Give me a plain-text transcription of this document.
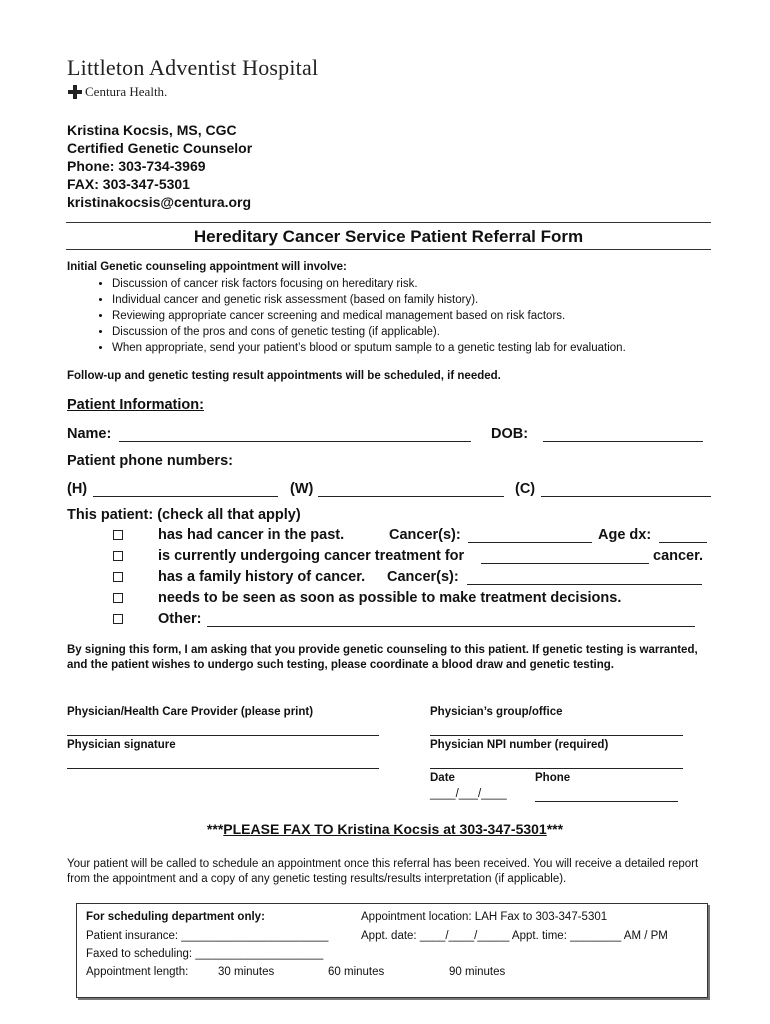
Littleton Adventist Hospital
Centura Health.
Kristina Kocsis, MS, CGC
Certified Genetic Counselor
Phone: 303-734-3969
FAX: 303-347-5301
kristinakocsis@centura.org
Hereditary Cancer Service Patient Referral Form
Initial Genetic counseling appointment will involve:
• Discussion of cancer risk factors focusing on hereditary risk.
• Individual cancer and genetic risk assessment (based on family history).
• Reviewing appropriate cancer screening and medical management based on risk factors.
• Discussion of the pros and cons of genetic testing (if applicable).
• When appropriate, send your patient’s blood or sputum sample to a genetic testing lab for evaluation.
Follow-up and genetic testing result appointments will be scheduled, if needed.
Patient Information:
Name:	DOB:
Patient phone numbers:
(H)	(W)	(C)
This patient: (check all that apply)
has had cancer in the past.	Cancer(s):	Age dx:
is currently undergoing cancer treatment for	cancer.
has a family history of cancer. Cancer(s):
needs to be seen as soon as possible to make treatment decisions.
Other:
By signing this form, I am asking that you provide genetic counseling to this patient. If genetic testing is warranted, and the patient wishes to undergo such testing, please coordinate a blood draw and genetic testing.
Physician/Health Care Provider (please print)	Physician’s group/office
Physician signature	Physician NPI number (required)
Date	Phone
____/___/____
***PLEASE FAX TO Kristina Kocsis at 303-347-5301***
Your patient will be called to schedule an appointment once this referral has been received. You will receive a detailed report from the appointment and a copy of any genetic testing results/results interpretation (if applicable).
For scheduling department only:	Appointment location: LAH Fax to 303-347-5301
Patient insurance: _______________________	Appt. date: ____/____/_____ Appt. time: ________ AM / PM
Faxed to scheduling: ____________________
Appointment length:	30 minutes	60 minutes	90 minutes
